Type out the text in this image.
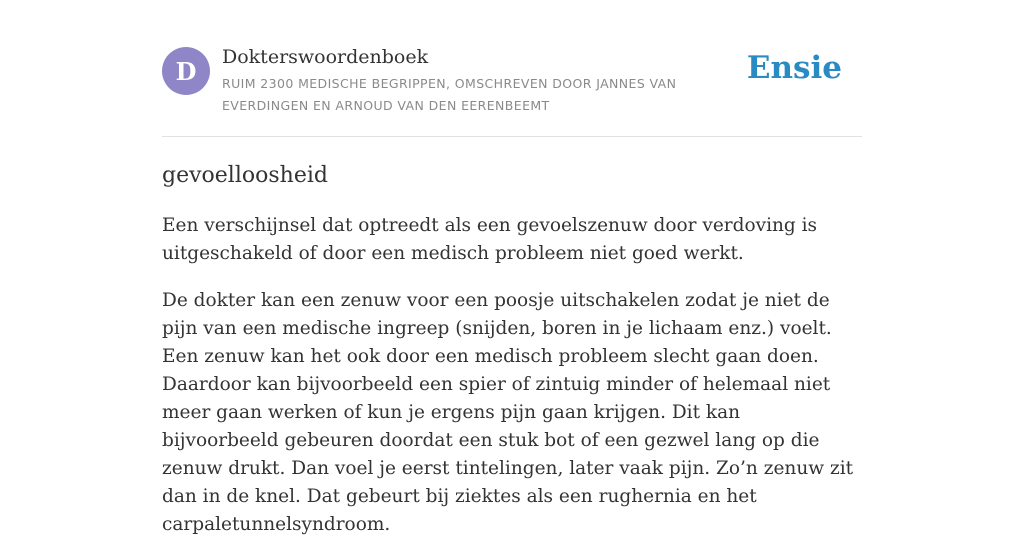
D	Dokterswoordenboek
RUIM 2300 MEDISCHE BEGRIPPEN, OMSCHREVEN DOOR JANNES VAN EVERDINGEN EN ARNOUD VAN DEN EERENBEEMT
Ensie
gevoelloosheid

Een verschijnsel dat optreedt als een gevoelszenuw door verdoving is uitgeschakeld of door een medisch probleem niet goed werkt.

De dokter kan een zenuw voor een poosje uitschakelen zodat je niet de pijn van een medische ingreep (snijden, boren in je lichaam enz.) voelt. Een zenuw kan het ook door een medisch probleem slecht gaan doen. Daardoor kan bijvoorbeeld een spier of zintuig minder of helemaal niet meer gaan werken of kun je ergens pijn gaan krijgen. Dit kan bijvoorbeeld gebeuren doordat een stuk bot of een gezwel lang op die zenuw drukt. Dan voel je eerst tintelingen, later vaak pijn. Zo’n zenuw zit dan in de knel. Dat gebeurt bij ziektes als een rughernia en het carpaletunnelsyndroom.
